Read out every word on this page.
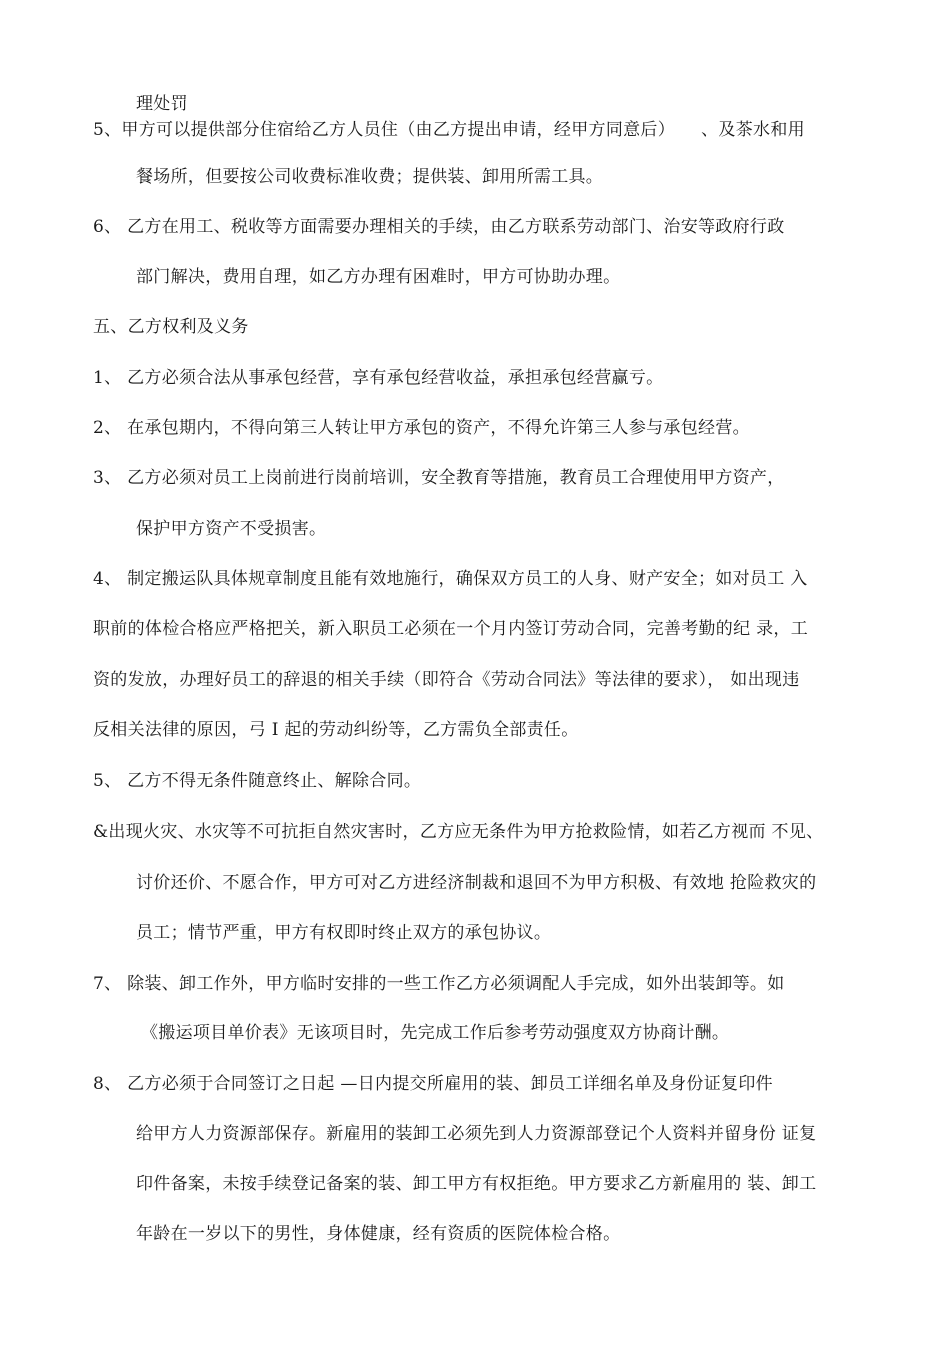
理处罚
5、甲方可以提供部分住宿给乙方人员住（由乙方提出申请，经甲方同意后）　　、及茶水和用
餐场所，但要按公司收费标准收费；提供装、卸用所需工具。
6、 乙方在用工、税收等方面需要办理相关的手续，由乙方联系劳动部门、治安等政府行政
部门解决，费用自理，如乙方办理有困难时，甲方可协助办理。
五、乙方权利及义务
1、 乙方必须合法从事承包经营，享有承包经营收益，承担承包经营赢亏。
2、 在承包期内，不得向第三人转让甲方承包的资产，不得允许第三人参与承包经营。
3、 乙方必须对员工上岗前进行岗前培训，安全教育等措施，教育员工合理使用甲方资产，
保护甲方资产不受损害。
4、 制定搬运队具体规章制度且能有效地施行，确保双方员工的人身、财产安全；如对员工 入
职前的体检合格应严格把关，新入职员工必须在一个月内签订劳动合同，完善考勤的纪 录，工
资的发放，办理好员工的辞退的相关手续（即符合《劳动合同法》等法律的要求）， 如出现违
反相关法律的原因，弓 I 起的劳动纠纷等，乙方需负全部责任。
5、 乙方不得无条件随意终止、解除合同。
&出现火灾、水灾等不可抗拒自然灾害时，乙方应无条件为甲方抢救险情，如若乙方视而 不见、
讨价还价、不愿合作，甲方可对乙方进经济制裁和退回不为甲方积极、有效地 抢险救灾的
员工；情节严重，甲方有权即时终止双方的承包协议。
7、 除装、卸工作外，甲方临时安排的一些工作乙方必须调配人手完成，如外出装卸等。如
《搬运项目单价表》无该项目时，先完成工作后参考劳动强度双方协商计酬。
8、 乙方必须于合同签订之日起 —日内提交所雇用的装、卸员工详细名单及身份证复印件
给甲方人力资源部保存。新雇用的装卸工必须先到人力资源部登记个人资料并留身份 证复
印件备案，未按手续登记备案的装、卸工甲方有权拒绝。甲方要求乙方新雇用的 装、卸工
年龄在一岁以下的男性，身体健康，经有资质的医院体检合格。
